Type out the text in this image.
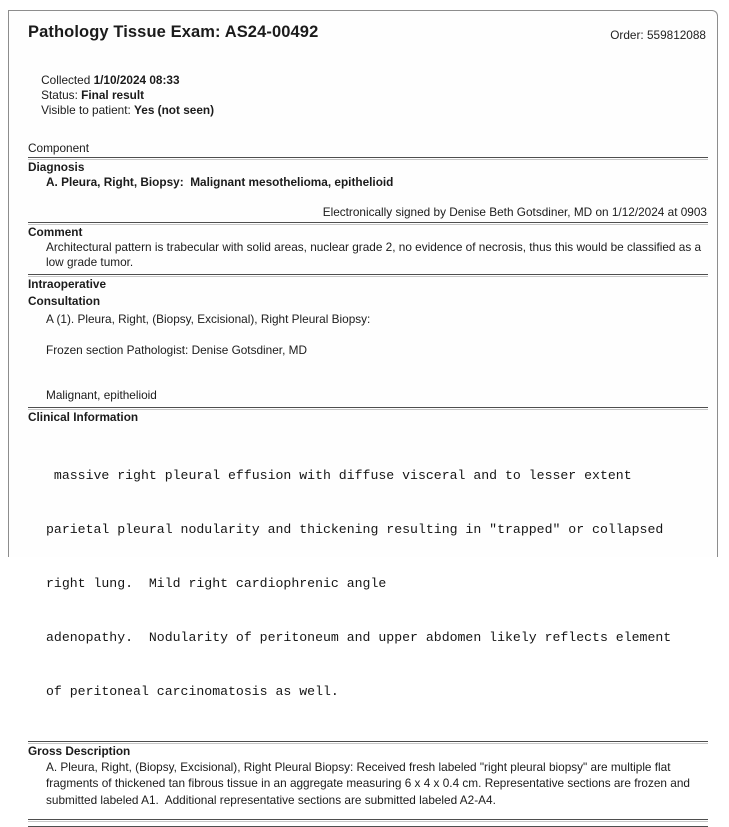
Pathology Tissue Exam: AS24-00492	Order: 559812088

Collected 1/10/2024 08:33
Status: Final result
Visible to patient: Yes (not seen)

Component
Diagnosis
A. Pleura, Right, Biopsy:  Malignant mesothelioma, epithelioid
Electronically signed by Denise Beth Gotsdiner, MD on 1/12/2024 at 0903
Comment
Architectural pattern is trabecular with solid areas, nuclear grade 2, no evidence of necrosis, thus this would be classified as a low grade tumor.
Intraoperative
Consultation
A (1). Pleura, Right, (Biopsy, Excisional), Right Pleural Biopsy:
Frozen section Pathologist: Denise Gotsdiner, MD
Malignant, epithelioid
Clinical Information

massive right pleural effusion with diffuse visceral and to lesser extent

parietal pleural nodularity and thickening resulting in "trapped" or collapsed

right lung.  Mild right cardiophrenic angle

adenopathy.  Nodularity of peritoneum and upper abdomen likely reflects element

of peritoneal carcinomatosis as well.

Gross Description
A. Pleura, Right, (Biopsy, Excisional), Right Pleural Biopsy: Received fresh labeled "right pleural biopsy" are multiple flat fragments of thickened tan fibrous tissue in an aggregate measuring 6 x 4 x 0.4 cm. Representative sections are frozen and submitted labeled A1.  Additional representative sections are submitted labeled A2-A4.
